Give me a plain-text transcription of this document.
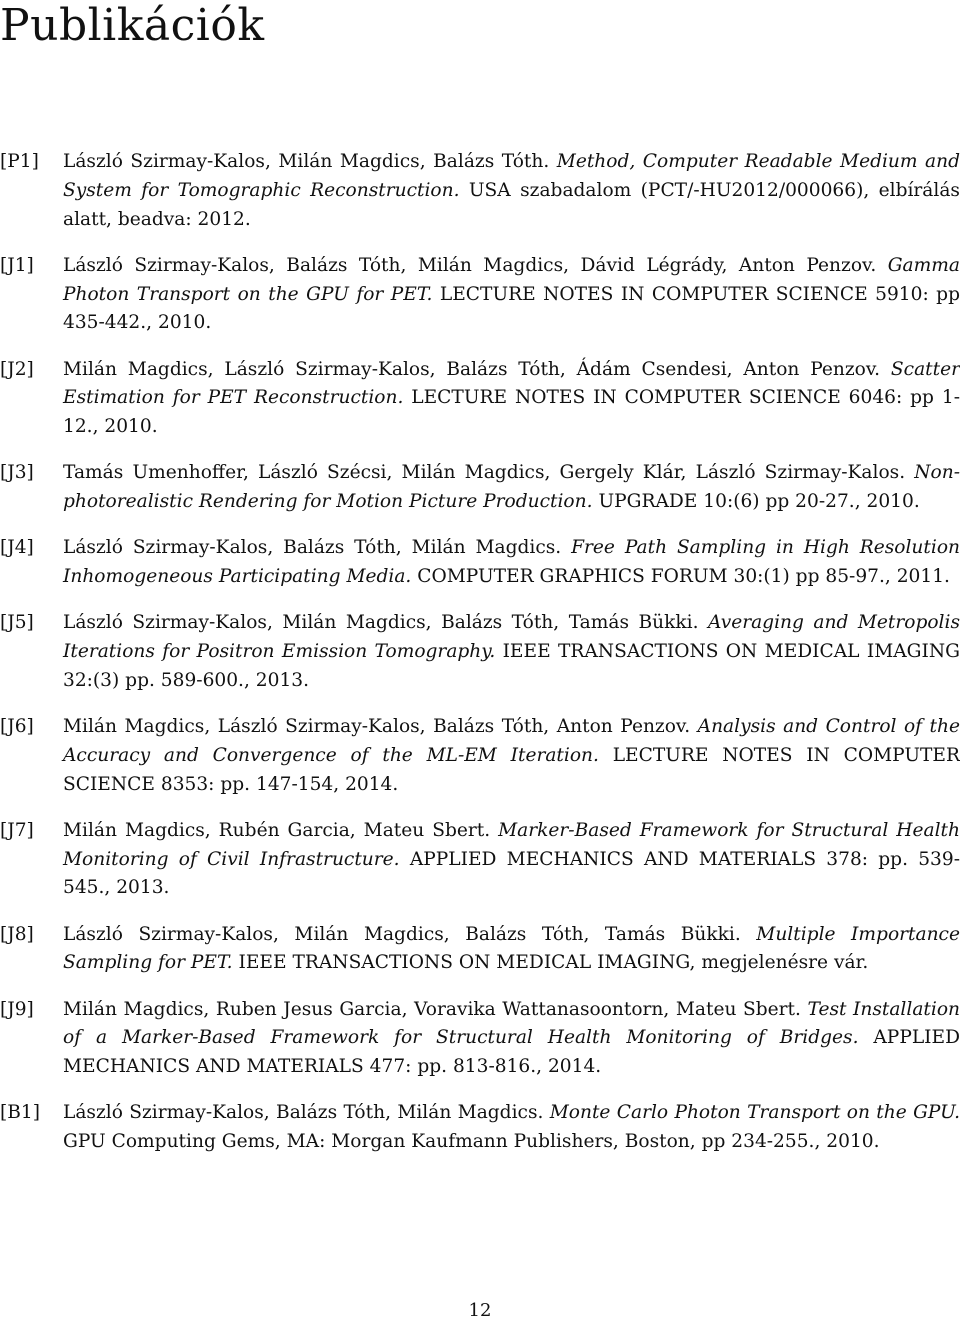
Publikációk
[P1] László Szirmay-Kalos, Milán Magdics, Balázs Tóth. Method, Computer Readable Medium and System for Tomographic Reconstruction. USA szabadalom (PCT/-HU2012/000066), elbírálás alatt, beadva: 2012.
[J1] László Szirmay-Kalos, Balázs Tóth, Milán Magdics, Dávid Légrády, Anton Penzov. Gamma Photon Transport on the GPU for PET. LECTURE NOTES IN COMPUTER SCIENCE 5910: pp 435-442., 2010.
[J2] Milán Magdics, László Szirmay-Kalos, Balázs Tóth, Ádám Csendesi, Anton Penzov. Scatter Estimation for PET Reconstruction. LECTURE NOTES IN COMPUTER SCIENCE 6046: pp 1-12., 2010.
[J3] Tamás Umenhoffer, László Szécsi, Milán Magdics, Gergely Klár, László Szirmay-Kalos. Non-photorealistic Rendering for Motion Picture Production. UPGRADE 10:(6) pp 20-27., 2010.
[J4] László Szirmay-Kalos, Balázs Tóth, Milán Magdics. Free Path Sampling in High Resolution Inhomogeneous Participating Media. COMPUTER GRAPHICS FORUM 30:(1) pp 85-97., 2011.
[J5] László Szirmay-Kalos, Milán Magdics, Balázs Tóth, Tamás Bükki. Averaging and Metropolis Iterations for Positron Emission Tomography. IEEE TRANSACTIONS ON MEDICAL IMAGING 32:(3) pp. 589-600., 2013.
[J6] Milán Magdics, László Szirmay-Kalos, Balázs Tóth, Anton Penzov. Analysis and Control of the Accuracy and Convergence of the ML-EM Iteration. LECTURE NOTES IN COMPUTER SCIENCE 8353: pp. 147-154, 2014.
[J7] Milán Magdics, Rubén Garcia, Mateu Sbert. Marker-Based Framework for Structural Health Monitoring of Civil Infrastructure. APPLIED MECHANICS AND MATERIALS 378: pp. 539-545., 2013.
[J8] László Szirmay-Kalos, Milán Magdics, Balázs Tóth, Tamás Bükki. Multiple Importance Sampling for PET. IEEE TRANSACTIONS ON MEDICAL IMAGING, megjelenésre vár.
[J9] Milán Magdics, Ruben Jesus Garcia, Voravika Wattanasoontorn, Mateu Sbert. Test Installation of a Marker-Based Framework for Structural Health Monitoring of Bridges. APPLIED MECHANICS AND MATERIALS 477: pp. 813-816., 2014.
[B1] László Szirmay-Kalos, Balázs Tóth, Milán Magdics. Monte Carlo Photon Transport on the GPU. GPU Computing Gems, MA: Morgan Kaufmann Publishers, Boston, pp 234-255., 2010.
12
